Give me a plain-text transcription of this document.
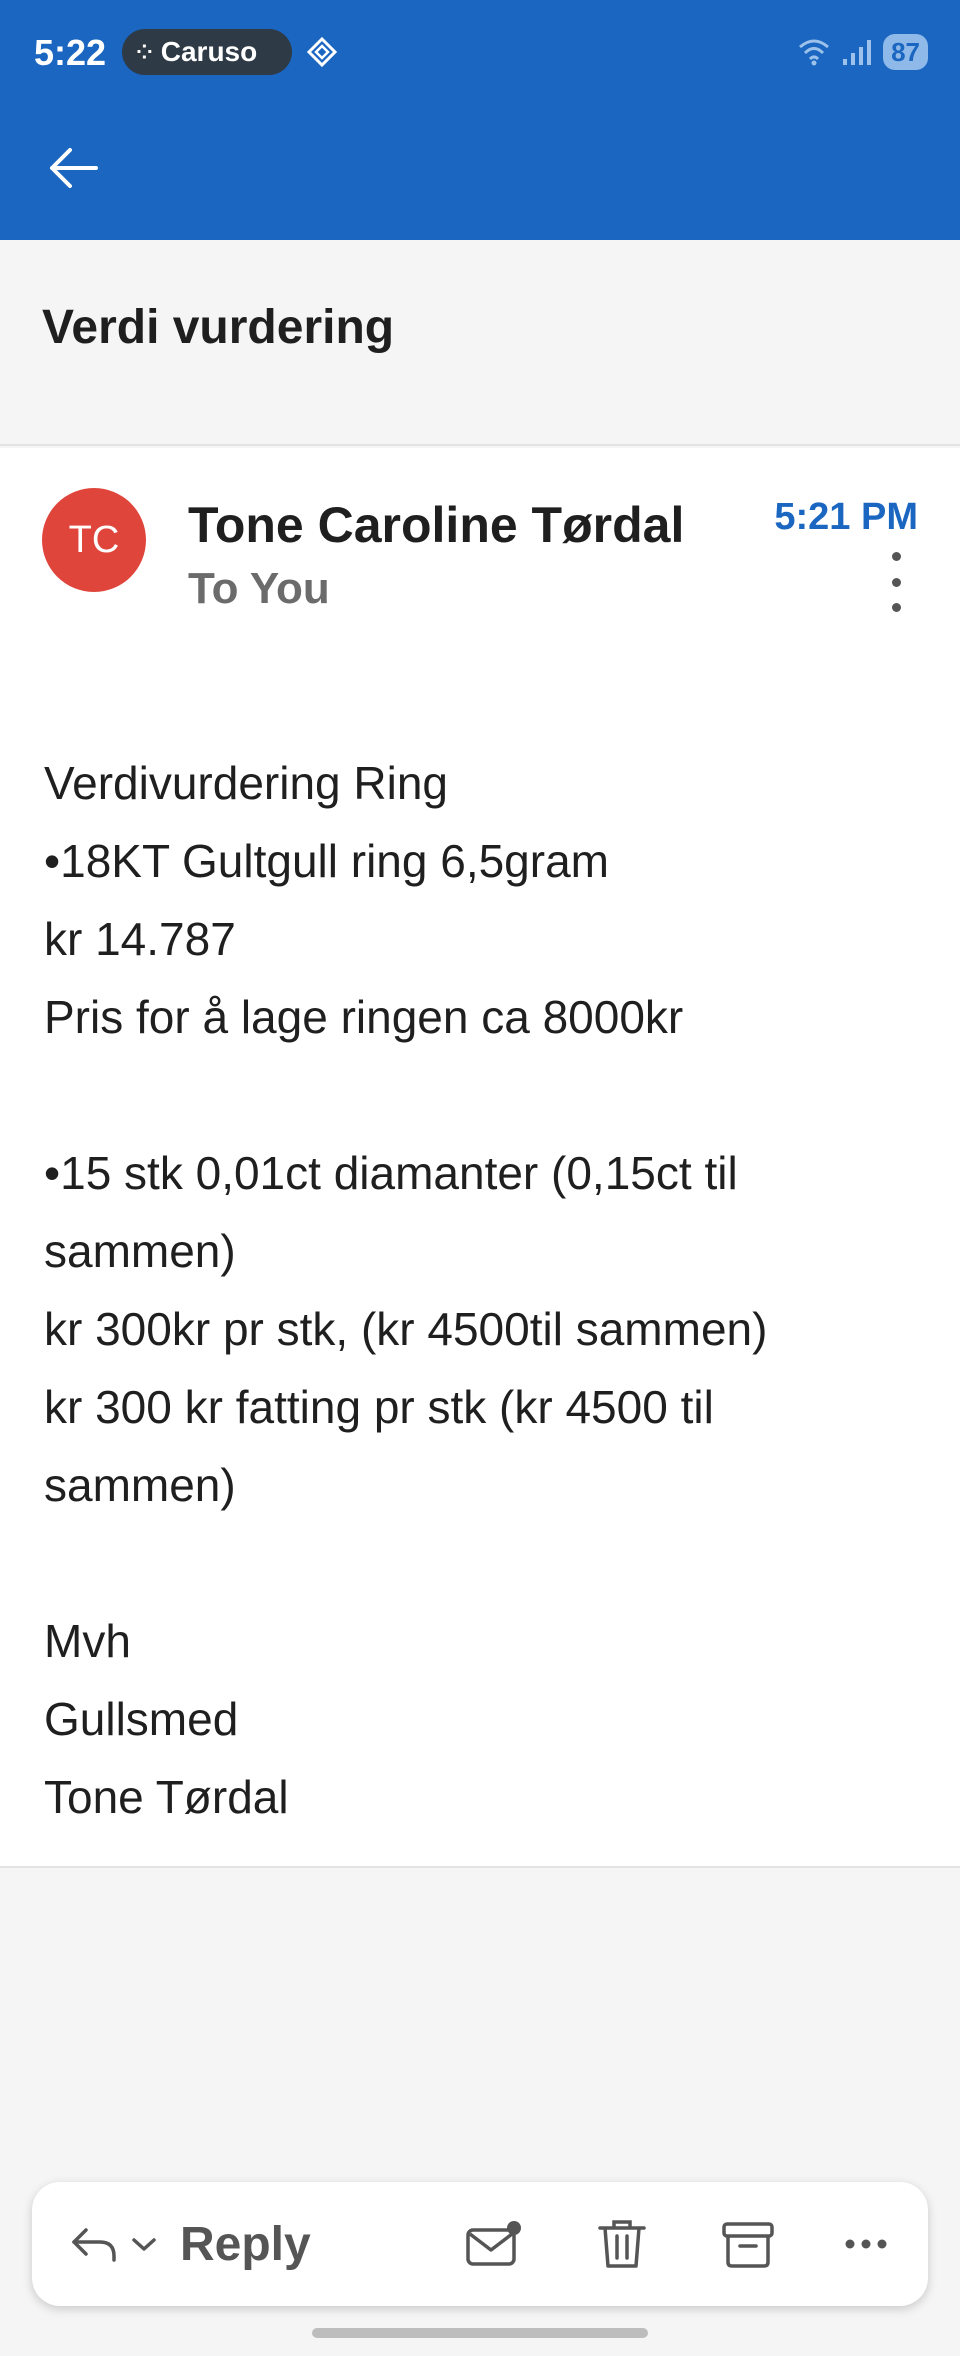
5:22 ⁘ Caruso	87
Verdi vurdering
TC	Tone Caroline Tørdal
To You
5:21 PM
Verdivurdering Ring
•18KT Gultgull ring 6,5gram
kr 14.787
Pris for å lage ringen ca 8000kr
•15 stk 0,01ct diamanter (0,15ct til
sammen)
kr 300kr pr stk, (kr 4500til sammen)
kr 300 kr fatting pr stk (kr 4500 til
sammen)
Mvh
Gullsmed
Tone Tørdal
Reply
